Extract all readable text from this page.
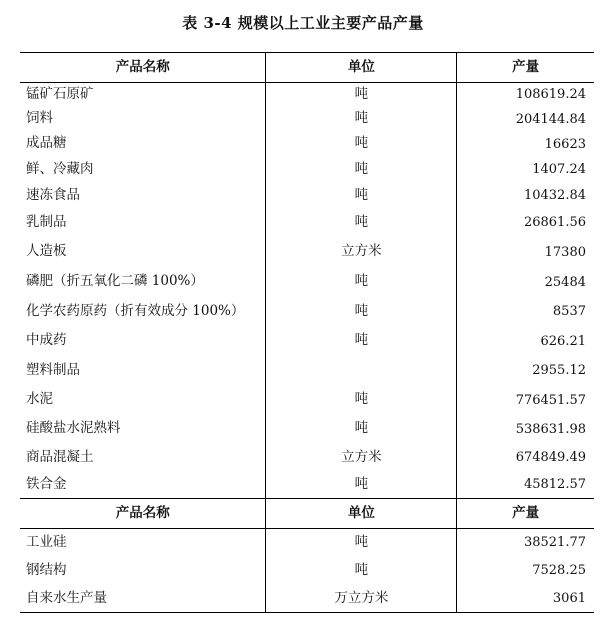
表 3-4 规模以上工业主要产品产量
产品名称	单位	产量
锰矿石原矿	吨	108619.24
饲料	吨	204144.84
成品糖	吨	16623
鲜、冷藏肉	吨	1407.24
速冻食品	吨	10432.84
乳制品	吨	26861.56
人造板	立方米	17380
磷肥（折五氧化二磷 100%）	吨	25484
化学农药原药（折有效成分 100%）	吨	8537
中成药	吨	626.21
塑料制品		2955.12
水泥	吨	776451.57
硅酸盐水泥熟料	吨	538631.98
商品混凝土	立方米	674849.49
铁合金	吨	45812.57
产品名称	单位	产量
工业硅	吨	38521.77
钢结构	吨	7528.25
自来水生产量	万立方米	3061
